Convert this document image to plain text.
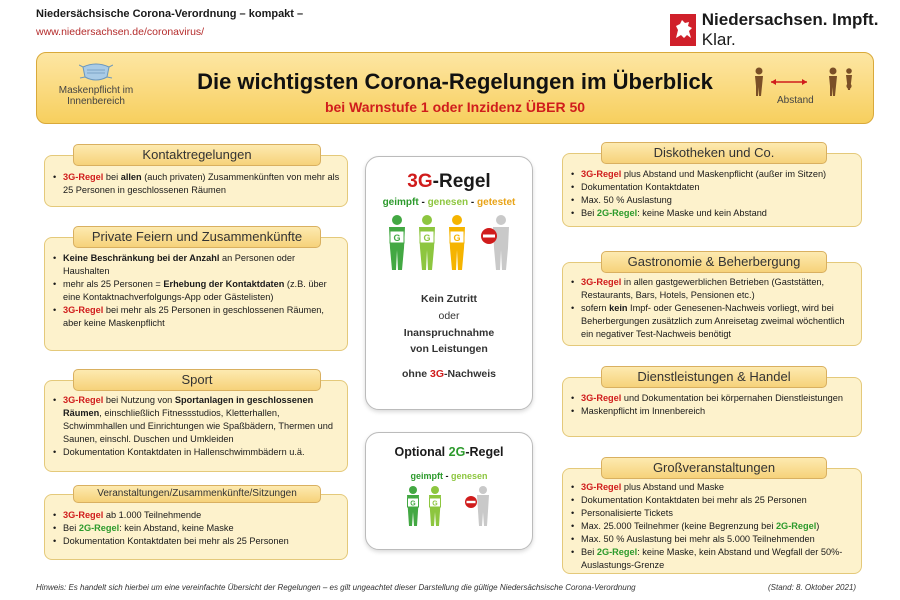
Niedersächsische Corona-Verordnung – kompakt –
www.niedersachsen.de/coronavirus/
Niedersachsen. Impft. Klar.
Maskenpflicht im Innenbereich
Die wichtigsten Corona-Regelungen im Überblick
bei Warnstufe 1 oder Inzidenz ÜBER 50	Abstand
Kontaktregelungen
• 3G-Regel bei allen (auch privaten) Zusammenkünften von mehr als 25 Personen in geschlossenen Räumen
Private Feiern und Zusammenkünfte
• Keine Beschränkung bei der Anzahl an Personen oder Haushalten
• mehr als 25 Personen = Erhebung der Kontaktdaten (z.B. über eine Kontaktnachverfolgungs-App oder Gästelisten)
• 3G-Regel bei mehr als 25 Personen in geschlossenen Räumen, aber keine Maskenpflicht
Sport
• 3G-Regel bei Nutzung von Sportanlagen in geschlossenen Räumen, einschließlich Fitnessstudios, Kletterhallen, Schwimmhallen und Einrichtungen wie Spaßbädern, Thermen und Saunen, einschl. Duschen und Umkleiden
• Dokumentation Kontaktdaten in Hallenschwimmbädern u.ä.
Veranstaltungen/Zusammenkünfte/Sitzungen
• 3G-Regel ab 1.000 Teilnehmende
• Bei 2G-Regel: kein Abstand, keine Maske
• Dokumentation Kontaktdaten bei mehr als 25 Personen
3G-Regel
geimpft - genesen - getestet
G	G	G
Kein Zutritt
oder
Inanspruchnahme
von Leistungen
ohne 3G-Nachweis
Optional 2G-Regel
geimpft - genesen
G G
Diskotheken und Co.
• 3G-Regel plus Abstand und Maskenpflicht (außer im Sitzen)
• Dokumentation Kontaktdaten
• Max. 50 % Auslastung
• Bei 2G-Regel: keine Maske und kein Abstand
Gastronomie & Beherbergung
• 3G-Regel in allen gastgewerblichen Betrieben (Gaststätten, Restaurants, Bars, Hotels, Pensionen etc.)
• sofern kein Impf- oder Genesenen-Nachweis vorliegt, wird bei Beherbergungen zusätzlich zum Anreisetag zweimal wöchentlich ein negativer Test-Nachweis benötigt
Dienstleistungen & Handel
• 3G-Regel und Dokumentation bei körpernahen Dienstleistungen
• Maskenpflicht im Innenbereich
Großveranstaltungen
• 3G-Regel plus Abstand und Maske
• Dokumentation Kontaktdaten bei mehr als 25 Personen
• Personalisierte Tickets
• Max. 25.000 Teilnehmer (keine Begrenzung bei 2G-Regel)
• Max. 50 % Auslastung bei mehr als 5.000 Teilnehmenden
• Bei 2G-Regel: keine Maske, kein Abstand und Wegfall der 50%-Auslastungs-Grenze
Hinweis: Es handelt sich hierbei um eine vereinfachte Übersicht der Regelungen – es gilt ungeachtet dieser Darstellung die gültige Niedersächsische Corona-Verordnung	(Stand: 8. Oktober 2021)
